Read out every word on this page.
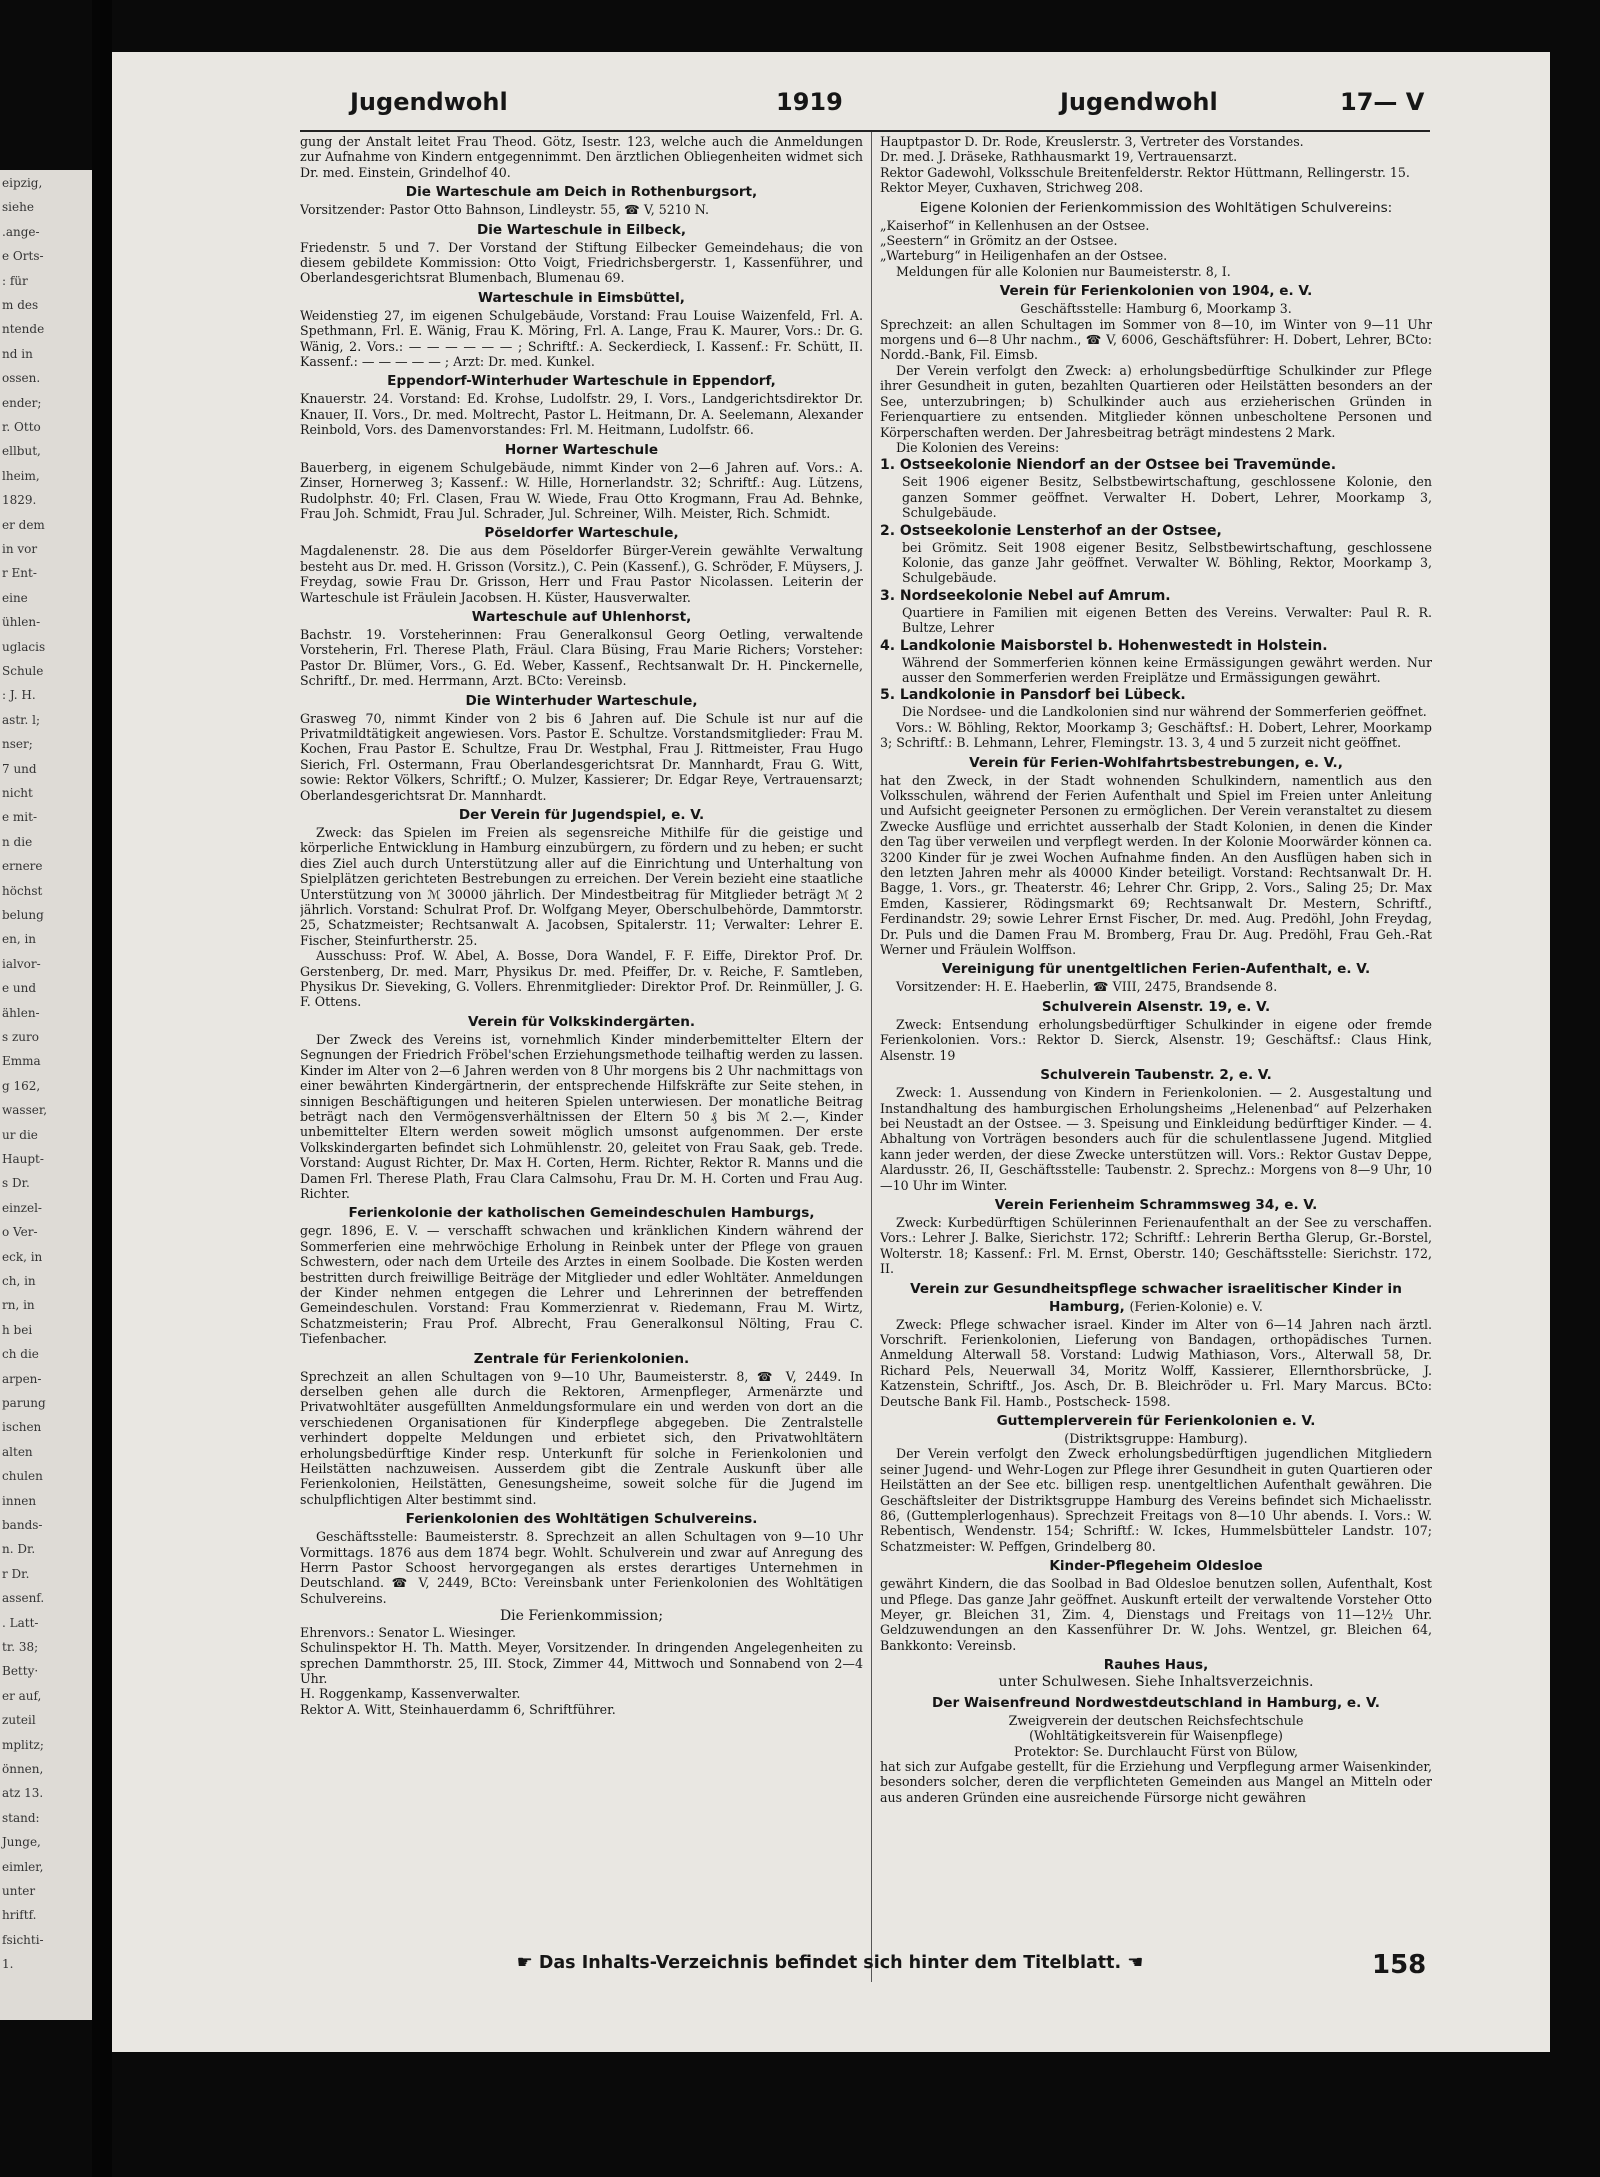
eipzig,
siehe
.ange-
e Orts-
: für
m des
ntende
nd in
ossen.
ender;
r. Otto
ellbut,
lheim,
1829.
er dem
in vor
r Ent-
eine
ühlen-
uglacis
Schule
: J. H.
astr. l;
nser;
7 und
nicht
e mit-
n die
ernere
höchst
belung
en, in
ialvor-
e und
ählen-
s zuro
Emma
g 162,
wasser,
ur die
Haupt-
s Dr.
einzel-
o Ver-
eck, in
ch, in
rn, in
h bei
ch die
arpen-
parung
ischen
alten
chulen
innen
bands-
n. Dr.
r Dr.
assenf.
. Latt-
tr. 38;
Betty·
er auf,
zuteil
mplitz;
önnen,
atz 13.
stand:
Junge,
eimler,
unter
hriftf.
fsichti-
1.
Jugendwohl	1919	Jugendwohl	17— V

gung der Anstalt leitet Frau Theod. Götz, Isestr. 123, welche auch die Anmeldungen zur Aufnahme von Kindern entgegennimmt. Den ärztlichen Obliegenheiten widmet sich Dr. med. Einstein, Grindelhof 40.

Die Warteschule am Deich in Rothenburgsort,

Vorsitzender: Pastor Otto Bahnson, Lindleystr. 55, ☎ V, 5210 N.

Die Warteschule in Eilbeck,

Friedenstr. 5 und 7. Der Vorstand der Stiftung Eilbecker Gemeindehaus; die von diesem gebildete Kommission: Otto Voigt, Friedrichsbergerstr. 1, Kassenführer, und Oberlandesgerichtsrat Blumenbach, Blumenau 69.

Warteschule in Eimsbüttel,

Weidenstieg 27, im eigenen Schulgebäude, Vorstand: Frau Louise Waizenfeld, Frl. A. Spethmann, Frl. E. Wänig, Frau K. Möring, Frl. A. Lange, Frau K. Maurer, Vors.: Dr. G. Wänig, 2. Vors.: — — — — — — ; Schriftf.: A. Seckerdieck, I. Kassenf.: Fr. Schütt, II. Kassenf.: — — — — — ; Arzt: Dr. med. Kunkel.

Eppendorf-Winterhuder Warteschule in Eppendorf,

Knauerstr. 24. Vorstand: Ed. Krohse, Ludolfstr. 29, I. Vors., Landgerichtsdirektor Dr. Knauer, II. Vors., Dr. med. Moltrecht, Pastor L. Heitmann, Dr. A. Seelemann, Alexander Reinbold, Vors. des Damenvorstandes: Frl. M. Heitmann, Ludolfstr. 66.

Horner Warteschule

Bauerberg, in eigenem Schulgebäude, nimmt Kinder von 2—6 Jahren auf. Vors.: A. Zinser, Hornerweg 3; Kassenf.: W. Hille, Hornerlandstr. 32; Schriftf.: Aug. Lützens, Rudolphstr. 40; Frl. Clasen, Frau W. Wiede, Frau Otto Krogmann, Frau Ad. Behnke, Frau Joh. Schmidt, Frau Jul. Schrader, Jul. Schreiner, Wilh. Meister, Rich. Schmidt.

Pöseldorfer Warteschule,

Magdalenenstr. 28. Die aus dem Pöseldorfer Bürger-Verein gewählte Verwaltung besteht aus Dr. med. H. Grisson (Vorsitz.), C. Pein (Kassenf.), G. Schröder, F. Müysers, J. Freydag, sowie Frau Dr. Grisson, Herr und Frau Pastor Nicolassen. Leiterin der Warteschule ist Fräulein Jacobsen. H. Küster, Hausverwalter.

Warteschule auf Uhlenhorst,

Bachstr. 19. Vorsteherinnen: Frau Generalkonsul Georg Oetling, verwaltende Vorsteherin, Frl. Therese Plath, Fräul. Clara Büsing, Frau Marie Richers; Vorsteher: Pastor Dr. Blümer, Vors., G. Ed. Weber, Kassenf., Rechtsanwalt Dr. H. Pinckernelle, Schriftf., Dr. med. Herrmann, Arzt. BCto: Vereinsb.

Die Winterhuder Warteschule,

Grasweg 70, nimmt Kinder von 2 bis 6 Jahren auf. Die Schule ist nur auf die Privatmildtätigkeit angewiesen. Vors. Pastor E. Schultze. Vorstandsmitglieder: Frau M. Kochen, Frau Pastor E. Schultze, Frau Dr. Westphal, Frau J. Rittmeister, Frau Hugo Sierich, Frl. Ostermann, Frau Oberlandesgerichtsrat Dr. Mannhardt, Frau G. Witt, sowie: Rektor Völkers, Schriftf.; O. Mulzer, Kassierer; Dr. Edgar Reye, Vertrauensarzt; Oberlandesgerichtsrat Dr. Mannhardt.

Der Verein für Jugendspiel, e. V.

Zweck: das Spielen im Freien als segensreiche Mithilfe für die geistige und körperliche Entwicklung in Hamburg einzubürgern, zu fördern und zu heben; er sucht dies Ziel auch durch Unterstützung aller auf die Einrichtung und Unterhaltung von Spielplätzen gerichteten Bestrebungen zu erreichen. Der Verein bezieht eine staatliche Unterstützung von ℳ 30000 jährlich. Der Mindestbeitrag für Mitglieder beträgt ℳ 2 jährlich. Vorstand: Schulrat Prof. Dr. Wolfgang Meyer, Oberschulbehörde, Dammtorstr. 25, Schatzmeister; Rechtsanwalt A. Jacobsen, Spitalerstr. 11; Verwalter: Lehrer E. Fischer, Steinfurtherstr. 25.

Ausschuss: Prof. W. Abel, A. Bosse, Dora Wandel, F. F. Eiffe, Direktor Prof. Dr. Gerstenberg, Dr. med. Marr, Physikus Dr. med. Pfeiffer, Dr. v. Reiche, F. Samtleben, Physikus Dr. Sieveking, G. Vollers. Ehrenmitglieder: Direktor Prof. Dr. Reinmüller, J. G. F. Ottens.

Verein für Volkskindergärten.

Der Zweck des Vereins ist, vornehmlich Kinder minderbemittelter Eltern der Segnungen der Friedrich Fröbel'schen Erziehungsmethode teilhaftig werden zu lassen. Kinder im Alter von 2—6 Jahren werden von 8 Uhr morgens bis 2 Uhr nachmittags von einer bewährten Kindergärtnerin, der entsprechende Hilfskräfte zur Seite stehen, in sinnigen Beschäftigungen und heiteren Spielen unterwiesen. Der monatliche Beitrag beträgt nach den Vermögensverhältnissen der Eltern 50 ₰ bis ℳ 2.—, Kinder unbemittelter Eltern werden soweit möglich umsonst aufgenommen. Der erste Volkskindergarten befindet sich Lohmühlenstr. 20, geleitet von Frau Saak, geb. Trede. Vorstand: August Richter, Dr. Max H. Corten, Herm. Richter, Rektor R. Manns und die Damen Frl. Therese Plath, Frau Clara Calmsohu, Frau Dr. M. H. Corten und Frau Aug. Richter.

Ferienkolonie der katholischen Gemeindeschulen Hamburgs,

gegr. 1896, E. V. — verschafft schwachen und kränklichen Kindern während der Sommerferien eine mehrwöchige Erholung in Reinbek unter der Pflege von grauen Schwestern, oder nach dem Urteile des Arztes in einem Soolbade. Die Kosten werden bestritten durch freiwillige Beiträge der Mitglieder und edler Wohltäter. Anmeldungen der Kinder nehmen entgegen die Lehrer und Lehrerinnen der betreffenden Gemeindeschulen. Vorstand: Frau Kommerzienrat v. Riedemann, Frau M. Wirtz, Schatzmeisterin; Frau Prof. Albrecht, Frau Generalkonsul Nölting, Frau C. Tiefenbacher.

Zentrale für Ferienkolonien.

Sprechzeit an allen Schultagen von 9—10 Uhr, Baumeisterstr. 8, ☎ V, 2449. In derselben gehen alle durch die Rektoren, Armenpfleger, Armenärzte und Privatwohltäter ausgefüllten Anmeldungsformulare ein und werden von dort an die verschiedenen Organisationen für Kinderpflege abgegeben. Die Zentralstelle verhindert doppelte Meldungen und erbietet sich, den Privatwohltätern erholungsbedürftige Kinder resp. Unterkunft für solche in Ferienkolonien und Heilstätten nachzuweisen. Ausserdem gibt die Zentrale Auskunft über alle Ferienkolonien, Heilstätten, Genesungsheime, soweit solche für die Jugend im schulpflichtigen Alter bestimmt sind.

Ferienkolonien des Wohltätigen Schulvereins.

Geschäftsstelle: Baumeisterstr. 8. Sprechzeit an allen Schultagen von 9—10 Uhr Vormittags. 1876 aus dem 1874 begr. Wohlt. Schulverein und zwar auf Anregung des Herrn Pastor Schoost hervorgegangen als erstes derartiges Unternehmen in Deutschland. ☎ V, 2449, BCto: Vereinsbank unter Ferienkolonien des Wohltätigen Schulvereins.

Die Ferienkommission;

Ehrenvors.: Senator L. Wiesinger.

Schulinspektor H. Th. Matth. Meyer, Vorsitzender. In dringenden Angelegenheiten zu sprechen Dammthorstr. 25, III. Stock, Zimmer 44, Mittwoch und Sonnabend von 2—4 Uhr.

H. Roggenkamp, Kassenverwalter.

Rektor A. Witt, Steinhauerdamm 6, Schriftführer.

Hauptpastor D. Dr. Rode, Kreuslerstr. 3, Vertreter des Vorstandes.

Dr. med. J. Dräseke, Rathhausmarkt 19, Vertrauensarzt.

Rektor Gadewohl, Volksschule Breitenfelderstr. Rektor Hüttmann, Rellingerstr. 15.

Rektor Meyer, Cuxhaven, Strichweg 208.

Eigene Kolonien der Ferienkommission des Wohltätigen Schulvereins:

„Kaiserhof“ in Kellenhusen an der Ostsee.

„Seestern“ in Grömitz an der Ostsee.

„Warteburg“ in Heiligenhafen an der Ostsee.

Meldungen für alle Kolonien nur Baumeisterstr. 8, I.

Verein für Ferienkolonien von 1904, e. V.

Geschäftsstelle: Hamburg 6, Moorkamp 3.

Sprechzeit: an allen Schultagen im Sommer von 8—10, im Winter von 9—11 Uhr morgens und 6—8 Uhr nachm., ☎ V, 6006, Geschäftsführer: H. Dobert, Lehrer, BCto: Nordd.-Bank, Fil. Eimsb.

Der Verein verfolgt den Zweck: a) erholungsbedürftige Schulkinder zur Pflege ihrer Gesundheit in guten, bezahlten Quartieren oder Heilstätten besonders an der See, unterzubringen; b) Schulkinder auch aus erzieherischen Gründen in Ferienquartiere zu entsenden. Mitglieder können unbescholtene Personen und Körperschaften werden. Der Jahresbeitrag beträgt mindestens 2 Mark.

Die Kolonien des Vereins:

1. Ostseekolonie Niendorf an der Ostsee bei Travemünde.

Seit 1906 eigener Besitz, Selbstbewirtschaftung, geschlossene Kolonie, den ganzen Sommer geöffnet. Verwalter H. Dobert, Lehrer, Moorkamp 3, Schulgebäude.

2. Ostseekolonie Lensterhof an der Ostsee,

bei Grömitz. Seit 1908 eigener Besitz, Selbstbewirtschaftung, geschlossene Kolonie, das ganze Jahr geöffnet. Verwalter W. Böhling, Rektor, Moorkamp 3, Schulgebäude.

3. Nordseekolonie Nebel auf Amrum.

Quartiere in Familien mit eigenen Betten des Vereins. Verwalter: Paul R. R. Bultze, Lehrer

4. Landkolonie Maisborstel b. Hohenwestedt in Holstein.

Während der Sommerferien können keine Ermässigungen gewährt werden. Nur ausser den Sommerferien werden Freiplätze und Ermässigungen gewährt.

5. Landkolonie in Pansdorf bei Lübeck.

Die Nordsee- und die Landkolonien sind nur während der Sommerferien geöffnet.

Vors.: W. Böhling, Rektor, Moorkamp 3; Geschäftsf.: H. Dobert, Lehrer, Moorkamp 3; Schriftf.: B. Lehmann, Lehrer, Flemingstr. 13. 3, 4 und 5 zurzeit nicht geöffnet.

Verein für Ferien-Wohlfahrtsbestrebungen, e. V.,

hat den Zweck, in der Stadt wohnenden Schulkindern, namentlich aus den Volksschulen, während der Ferien Aufenthalt und Spiel im Freien unter Anleitung und Aufsicht geeigneter Personen zu ermöglichen. Der Verein veranstaltet zu diesem Zwecke Ausflüge und errichtet ausserhalb der Stadt Kolonien, in denen die Kinder den Tag über verweilen und verpflegt werden. In der Kolonie Moorwärder können ca. 3200 Kinder für je zwei Wochen Aufnahme finden. An den Ausflügen haben sich in den letzten Jahren mehr als 40000 Kinder beteiligt. Vorstand: Rechtsanwalt Dr. H. Bagge, 1. Vors., gr. Theaterstr. 46; Lehrer Chr. Gripp, 2. Vors., Saling 25; Dr. Max Emden, Kassierer, Rödingsmarkt 69; Rechtsanwalt Dr. Mestern, Schriftf., Ferdinandstr. 29; sowie Lehrer Ernst Fischer, Dr. med. Aug. Predöhl, John Freydag, Dr. Puls und die Damen Frau M. Bromberg, Frau Dr. Aug. Predöhl, Frau Geh.-Rat Werner und Fräulein Wolffson.

Vereinigung für unentgeltlichen Ferien-Aufenthalt, e. V.

Vorsitzender: H. E. Haeberlin, ☎ VIII, 2475, Brandsende 8.

Schulverein Alsenstr. 19, e. V.

Zweck: Entsendung erholungsbedürftiger Schulkinder in eigene oder fremde Ferienkolonien. Vors.: Rektor D. Sierck, Alsenstr. 19; Geschäftsf.: Claus Hink, Alsenstr. 19

Schulverein Taubenstr. 2, e. V.

Zweck: 1. Aussendung von Kindern in Ferienkolonien. — 2. Ausgestaltung und Instandhaltung des hamburgischen Erholungsheims „Helenenbad“ auf Pelzerhaken bei Neustadt an der Ostsee. — 3. Speisung und Einkleidung bedürftiger Kinder. — 4. Abhaltung von Vorträgen besonders auch für die schulentlassene Jugend. Mitglied kann jeder werden, der diese Zwecke unterstützen will. Vors.: Rektor Gustav Deppe, Alardusstr. 26, II, Geschäftsstelle: Taubenstr. 2. Sprechz.: Morgens von 8—9 Uhr, 10—10 Uhr im Winter.

Verein Ferienheim Schrammsweg 34, e. V.

Zweck: Kurbedürftigen Schülerinnen Ferienaufenthalt an der See zu verschaffen. Vors.: Lehrer J. Balke, Sierichstr. 172; Schriftf.: Lehrerin Bertha Glerup, Gr.-Borstel, Wolterstr. 18; Kassenf.: Frl. M. Ernst, Oberstr. 140; Geschäftsstelle: Sierichstr. 172, II.

Verein zur Gesundheitspflege schwacher israelitischer Kinder in Hamburg, (Ferien-Kolonie) e. V.

Zweck: Pflege schwacher israel. Kinder im Alter von 6—14 Jahren nach ärztl. Vorschrift. Ferienkolonien, Lieferung von Bandagen, orthopädisches Turnen. Anmeldung Alterwall 58. Vorstand: Ludwig Mathiason, Vors., Alterwall 58, Dr. Richard Pels, Neuerwall 34, Moritz Wolff, Kassierer, Ellernthorsbrücke, J. Katzenstein, Schriftf., Jos. Asch, Dr. B. Bleichröder u. Frl. Mary Marcus. BCto: Deutsche Bank Fil. Hamb., Postscheck- 1598.

Guttemplerverein für Ferienkolonien e. V.

(Distriktsgruppe: Hamburg).

Der Verein verfolgt den Zweck erholungsbedürftigen jugendlichen Mitgliedern seiner Jugend- und Wehr-Logen zur Pflege ihrer Gesundheit in guten Quartieren oder Heilstätten an der See etc. billigen resp. unentgeltlichen Aufenthalt gewähren. Die Geschäftsleiter der Distriktsgruppe Hamburg des Vereins befindet sich Michaelisstr. 86, (Guttemplerlogenhaus). Sprechzeit Freitags von 8—10 Uhr abends. I. Vors.: W. Rebentisch, Wendenstr. 154; Schriftf.: W. Ickes, Hummelsbütteler Landstr. 107; Schatzmeister: W. Peffgen, Grindelberg 80.

Kinder-Pflegeheim Oldesloe

gewährt Kindern, die das Soolbad in Bad Oldesloe benutzen sollen, Aufenthalt, Kost und Pflege. Das ganze Jahr geöffnet. Auskunft erteilt der verwaltende Vorsteher Otto Meyer, gr. Bleichen 31, Zim. 4, Dienstags und Freitags von 11—12½ Uhr. Geldzuwendungen an den Kassenführer Dr. W. Johs. Wentzel, gr. Bleichen 64, Bankkonto: Vereinsb.

Rauhes Haus,

unter Schulwesen. Siehe Inhaltsverzeichnis.

Der Waisenfreund Nordwestdeutschland in Hamburg, e. V.

Zweigverein der deutschen Reichsfechtschule

(Wohltätigkeitsverein für Waisenpflege)

Protektor: Se. Durchlaucht Fürst von Bülow,

hat sich zur Aufgabe gestellt, für die Erziehung und Verpflegung armer Waisenkinder, besonders solcher, deren die verpflichteten Gemeinden aus Mangel an Mitteln oder aus anderen Gründen eine ausreichende Fürsorge nicht gewähren

☛ Das Inhalts-Verzeichnis befindet sich hinter dem Titelblatt. ☚	158
